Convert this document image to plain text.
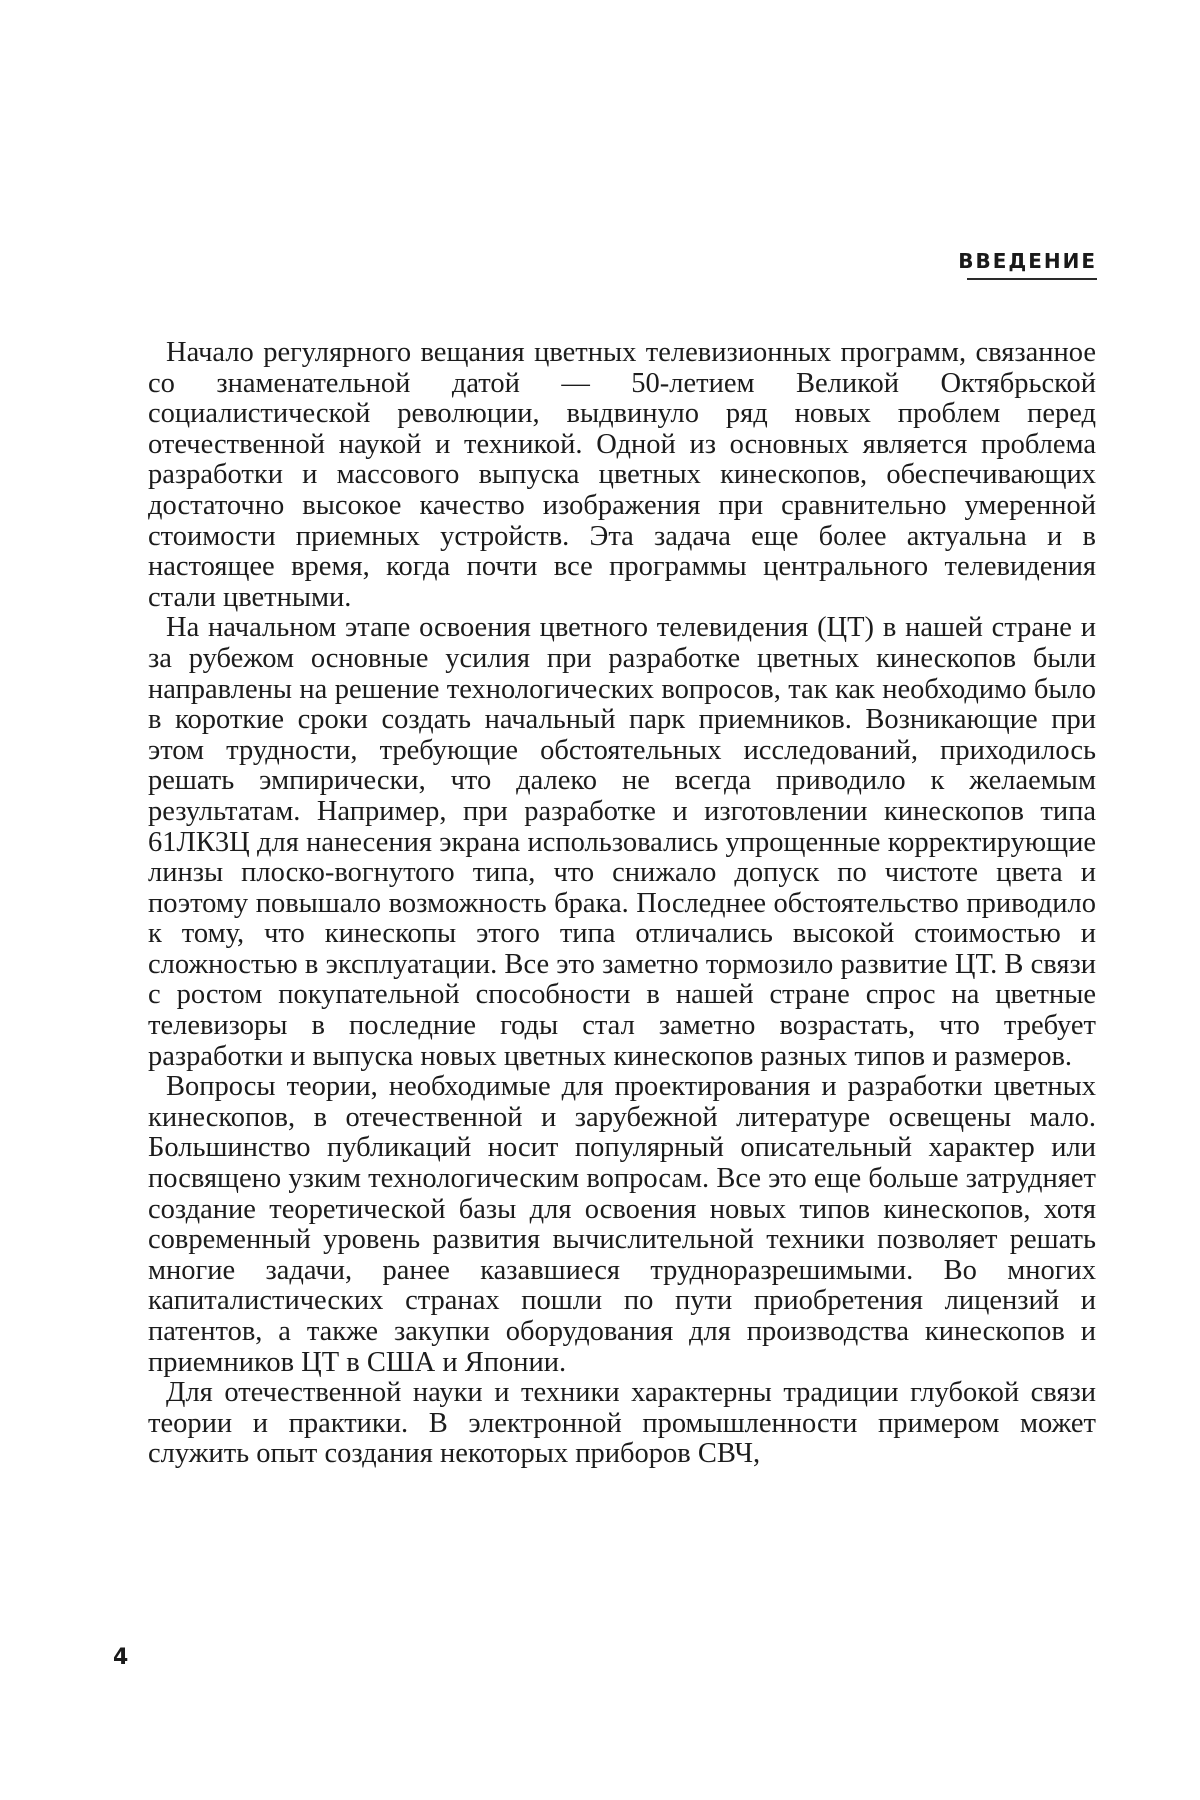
ВВЕДЕНИЕ

Начало регулярного вещания цветных телевизионных программ, связанное со знаменательной датой — 50-летием Великой Октябрьской социалистической революции, выдвинуло ряд новых проблем перед отечественной наукой и техникой. Одной из основных является проблема разработки и массового выпуска цветных кинескопов, обеспечивающих достаточно высокое качество изображения при сравнительно умеренной стоимости приемных устройств. Эта задача еще более актуальна и в настоящее время, когда почти все программы центрального телевидения стали цветными.

На начальном этапе освоения цветного телевидения (ЦТ) в нашей стране и за рубежом основные усилия при разработке цветных кинескопов были направлены на решение технологических вопросов, так как необходимо было в короткие сроки создать начальный парк приемников. Возникающие при этом трудности, требующие обстоятельных исследований, приходилось решать эмпирически, что далеко не всегда приводило к желаемым результатам. Например, при разработке и изготовлении кинескопов типа 61ЛК3Ц для нанесения экрана использовались упрощенные корректирующие линзы плоско-вогнутого типа, что снижало допуск по чистоте цвета и поэтому повышало возможность брака. Последнее обстоятельство приводило к тому, что кинескопы этого типа отличались высокой стоимостью и сложностью в эксплуатации. Все это заметно тормозило развитие ЦТ. В связи с ростом покупательной способности в нашей стране спрос на цветные телевизоры в последние годы стал заметно возрастать, что требует разработки и выпуска новых цветных кинескопов разных типов и размеров.

Вопросы теории, необходимые для проектирования и разработки цветных кинескопов, в отечественной и зарубежной литературе освещены мало. Большинство публикаций носит популярный описательный характер или посвящено узким технологическим вопросам. Все это еще больше затрудняет создание теоретической базы для освоения новых типов кинескопов, хотя современный уровень развития вычислительной техники позволяет решать многие задачи, ранее казавшиеся трудноразрешимыми. Во многих капиталистических странах пошли по пути приобретения лицензий и патентов, а также закупки оборудования для производства кинескопов и приемников ЦТ в США и Японии.

Для отечественной науки и техники характерны традиции глубокой связи теории и практики. В электронной промышленности примером может служить опыт создания некоторых приборов СВЧ,

4
